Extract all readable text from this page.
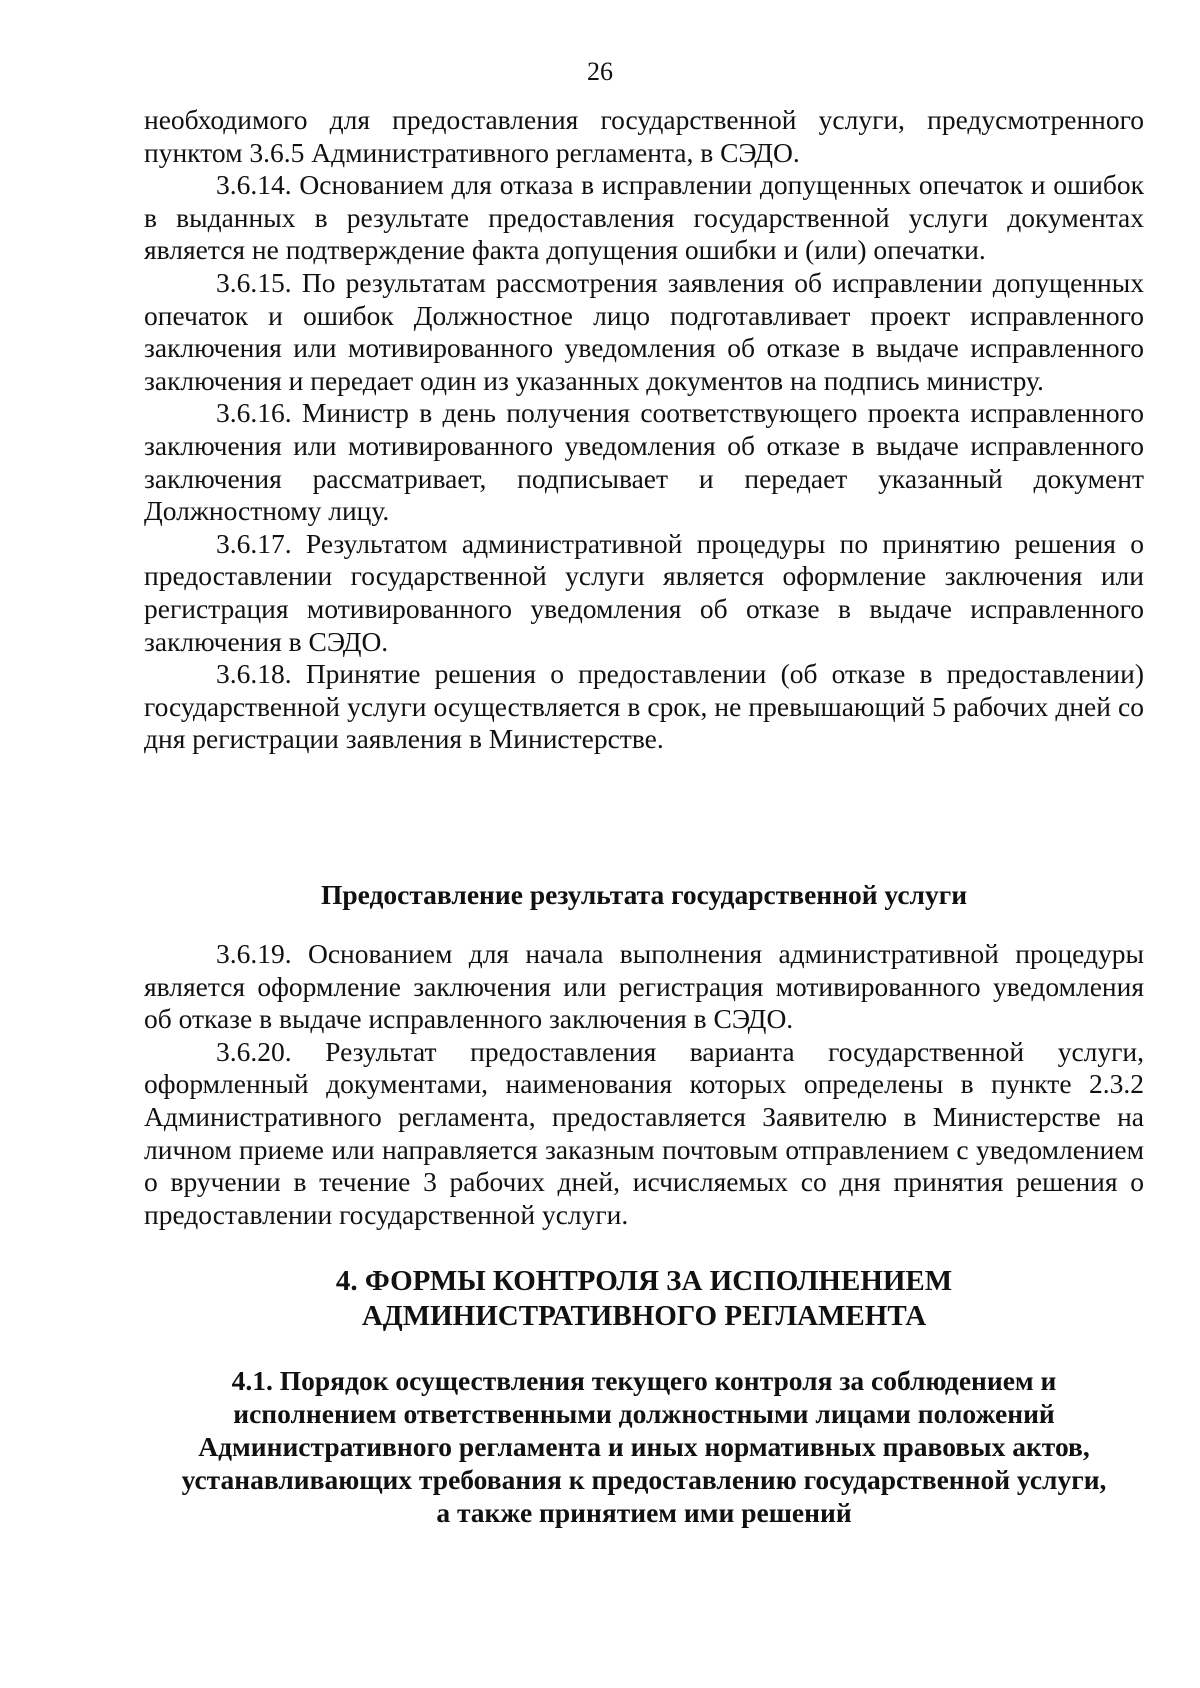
26

необходимого для предоставления государственной услуги, предусмотренного пунктом 3.6.5 Административного регламента, в СЭДО.

3.6.14. Основанием для отказа в исправлении допущенных опечаток и ошибок в выданных в результате предоставления государственной услуги документах является не подтверждение факта допущения ошибки и (или) опечатки.

3.6.15. По результатам рассмотрения заявления об исправлении допущенных опечаток и ошибок Должностное лицо подготавливает проект исправленного заключения или мотивированного уведомления об отказе в выдаче исправленного заключения и передает один из указанных документов на подпись министру.

3.6.16. Министр в день получения соответствующего проекта исправленного заключения или мотивированного уведомления об отказе в выдаче исправленного заключения рассматривает, подписывает и передает указанный документ Должностному лицу.

3.6.17. Результатом административной процедуры по принятию решения о предоставлении государственной услуги является оформление заключения или регистрация мотивированного уведомления об отказе в выдаче исправленного заключения в СЭДО.

3.6.18. Принятие решения о предоставлении (об отказе в предоставлении) государственной услуги осуществляется в срок, не превышающий 5 рабочих дней со дня регистрации заявления в Министерстве.

Предоставление результата государственной услуги

3.6.19. Основанием для начала выполнения административной процедуры является оформление заключения или регистрация мотивированного уведомления об отказе в выдаче исправленного заключения в СЭДО.

3.6.20. Результат предоставления варианта государственной услуги, оформленный документами, наименования которых определены в пункте 2.3.2 Административного регламента, предоставляется Заявителю в Министерстве на личном приеме или направляется заказным почтовым отправлением с уведомлением о вручении в течение 3 рабочих дней, исчисляемых со дня принятия решения о предоставлении государственной услуги.

4. ФОРМЫ КОНТРОЛЯ ЗА ИСПОЛНЕНИЕМ

АДМИНИСТРАТИВНОГО РЕГЛАМЕНТА

4.1. Порядок осуществления текущего контроля за соблюдением и

исполнением ответственными должностными лицами положений

Административного регламента и иных нормативных правовых актов,

устанавливающих требования к предоставлению государственной услуги,

а также принятием ими решений
